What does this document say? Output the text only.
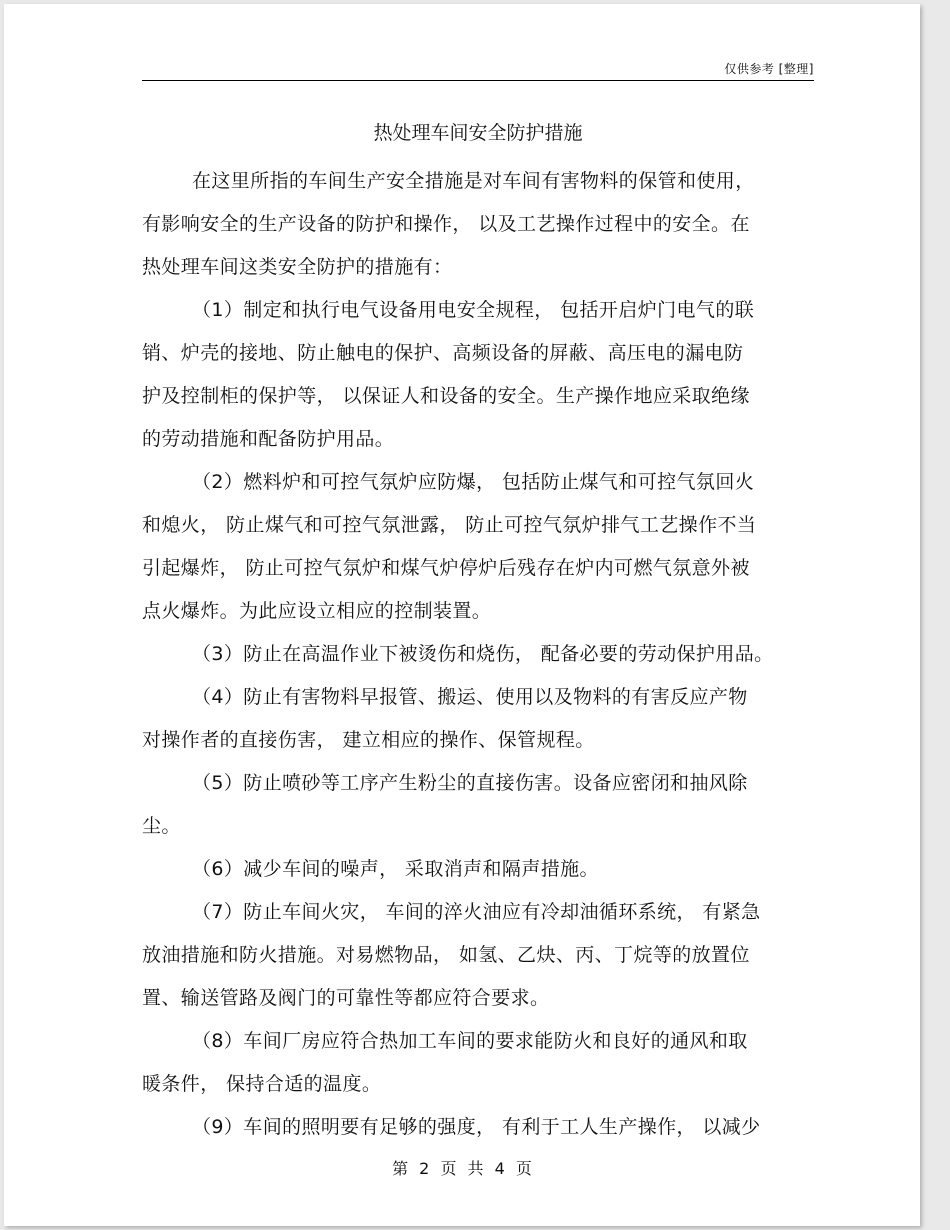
仅供参考 [整理]
热处理车间安全防护措施
在这里所指的车间生产安全措施是对车间有害物料的保管和使用，
有影响安全的生产设备的防护和操作， 以及工艺操作过程中的安全。在
热处理车间这类安全防护的措施有：
（1）制定和执行电气设备用电安全规程， 包括开启炉门电气的联
销、炉壳的接地、防止触电的保护、高频设备的屏蔽、高压电的漏电防
护及控制柜的保护等， 以保证人和设备的安全。生产操作地应采取绝缘
的劳动措施和配备防护用品。
（2）燃料炉和可控气氛炉应防爆， 包括防止煤气和可控气氛回火
和熄火， 防止煤气和可控气氛泄露， 防止可控气氛炉排气工艺操作不当
引起爆炸， 防止可控气氛炉和煤气炉停炉后残存在炉内可燃气氛意外被
点火爆炸。为此应设立相应的控制装置。
（3）防止在高温作业下被烫伤和烧伤， 配备必要的劳动保护用品。
（4）防止有害物料早报管、搬运、使用以及物料的有害反应产物
对操作者的直接伤害， 建立相应的操作、保管规程。
（5）防止喷砂等工序产生粉尘的直接伤害。设备应密闭和抽风除
尘。
（6）减少车间的噪声， 采取消声和隔声措施。
（7）防止车间火灾， 车间的淬火油应有冷却油循环系统， 有紧急
放油措施和防火措施。对易燃物品， 如氢、乙炔、丙、丁烷等的放置位
置、输送管路及阀门的可靠性等都应符合要求。
（8）车间厂房应符合热加工车间的要求能防火和良好的通风和取
暖条件， 保持合适的温度。
（9）车间的照明要有足够的强度， 有利于工人生产操作， 以减少
第 2 页 共 4 页
